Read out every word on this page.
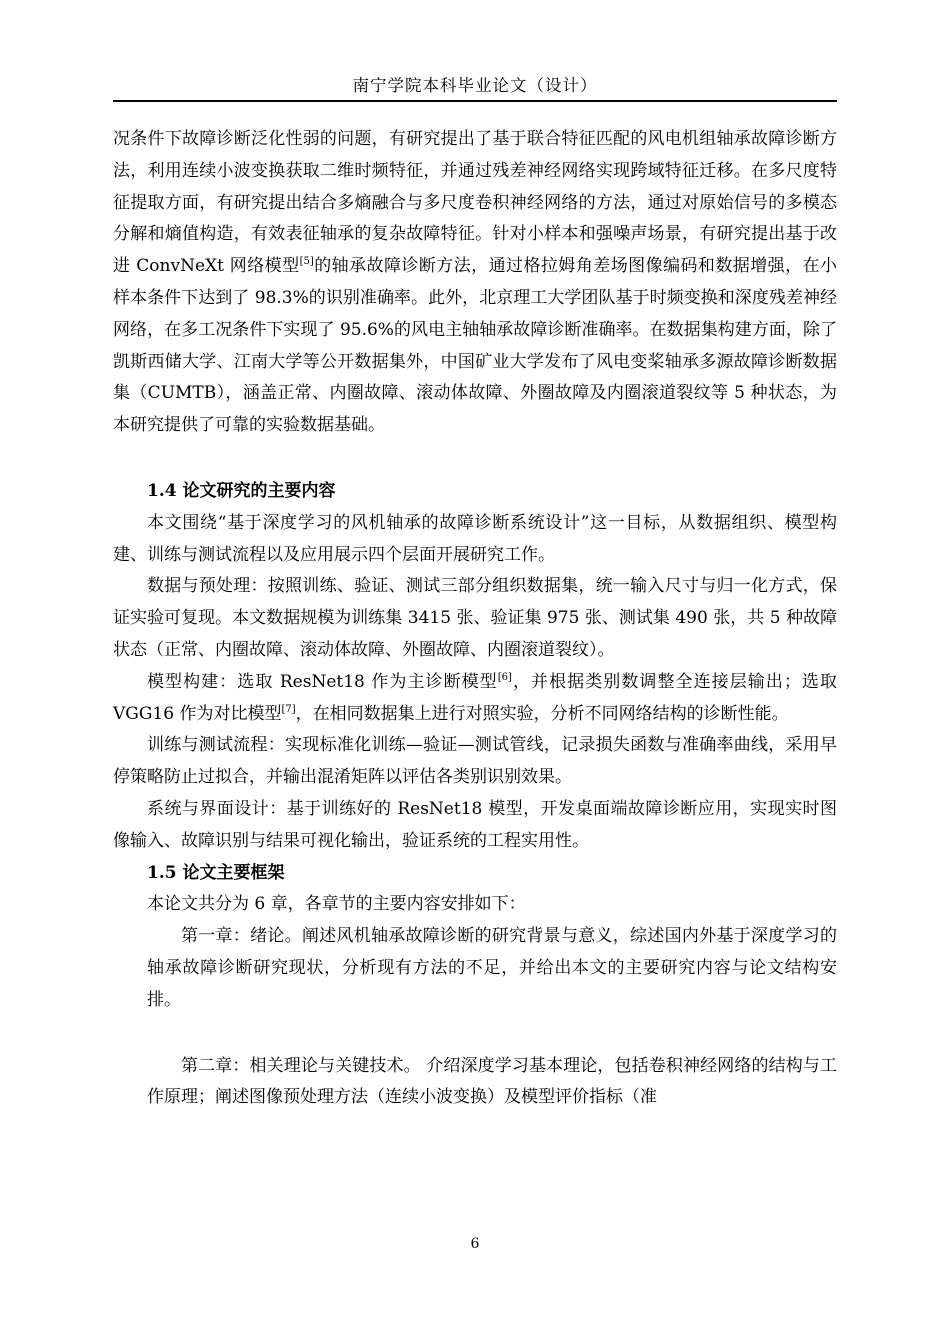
南宁学院本科毕业论文（设计）

况条件下故障诊断泛化性弱的问题，有研究提出了基于联合特征匹配的风电机组轴承故障诊断方法，利用连续小波变换获取二维时频特征，并通过残差神经网络实现跨域特征迁移。在多尺度特征提取方面，有研究提出结合多熵融合与多尺度卷积神经网络的方法，通过对原始信号的多模态分解和熵值构造，有效表征轴承的复杂故障特征。针对小样本和强噪声场景，有研究提出基于改进 ConvNeXt 网络模型[5]的轴承故障诊断方法，通过格拉姆角差场图像编码和数据增强，在小样本条件下达到了 98.3%的识别准确率。此外，北京理工大学团队基于时频变换和深度残差神经网络，在多工况条件下实现了 95.6%的风电主轴轴承故障诊断准确率。在数据集构建方面，除了凯斯西储大学、江南大学等公开数据集外，中国矿业大学发布了风电变桨轴承多源故障诊断数据集（CUMTB），涵盖正常、内圈故障、滚动体故障、外圈故障及内圈滚道裂纹等 5 种状态，为本研究提供了可靠的实验数据基础。

1.4 论文研究的主要内容

本文围绕“基于深度学习的风机轴承的故障诊断系统设计”这一目标，从数据组织、模型构建、训练与测试流程以及应用展示四个层面开展研究工作。

数据与预处理：按照训练、验证、测试三部分组织数据集，统一输入尺寸与归一化方式，保证实验可复现。本文数据规模为训练集 3415 张、验证集 975 张、测试集 490 张，共 5 种故障状态（正常、内圈故障、滚动体故障、外圈故障、内圈滚道裂纹）。

模型构建：选取 ResNet18 作为主诊断模型[6]，并根据类别数调整全连接层输出；选取 VGG16 作为对比模型[7]，在相同数据集上进行对照实验，分析不同网络结构的诊断性能。

训练与测试流程：实现标准化训练—验证—测试管线，记录损失函数与准确率曲线，采用早停策略防止过拟合，并输出混淆矩阵以评估各类别识别效果。

系统与界面设计：基于训练好的 ResNet18 模型，开发桌面端故障诊断应用，实现实时图像输入、故障识别与结果可视化输出，验证系统的工程实用性。

1.5 论文主要框架

本论文共分为 6 章，各章节的主要内容安排如下：

第一章：绪论。阐述风机轴承故障诊断的研究背景与意义，综述国内外基于深度学习的轴承故障诊断研究现状，分析现有方法的不足，并给出本文的主要研究内容与论文结构安排。

第二章：相关理论与关键技术。 介绍深度学习基本理论，包括卷积神经网络的结构与工作原理；阐述图像预处理方法（连续小波变换）及模型评价指标（准

6
